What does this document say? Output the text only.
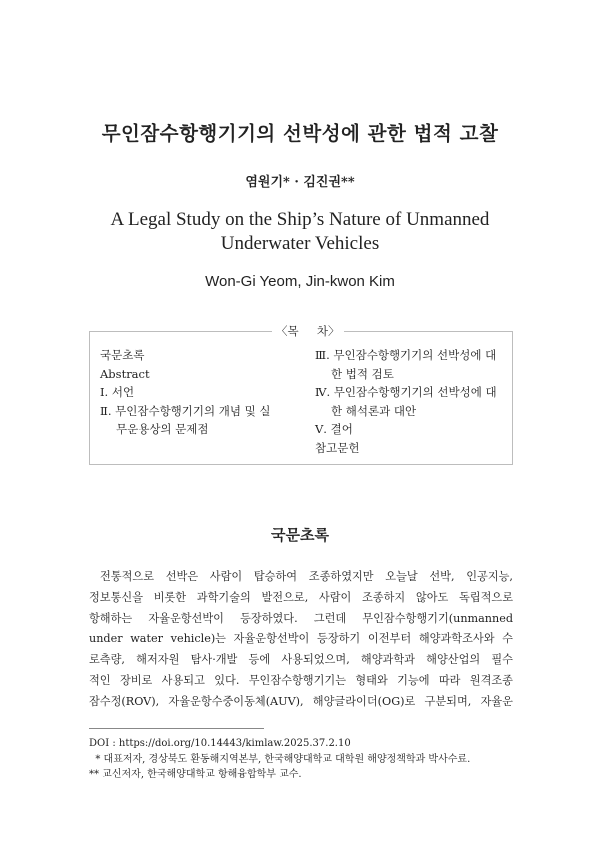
무인잠수항행기기의 선박성에 관한 법적 고찰
염원기* · 김진권**
A Legal Study on the Ship’s Nature of Unmanned
Underwater Vehicles
Won-Gi Yeom, Jin-kwon Kim
〈목     차〉
국문초록
Abstract
Ⅰ. 서언
Ⅱ. 무인잠수항행기기의 개념 및 실
무운용상의 문제점
Ⅲ. 무인잠수항행기기의 선박성에 대
한 법적 검토
Ⅳ. 무인잠수항행기기의 선박성에 대
한 해석론과 대안
Ⅴ. 결어
참고문헌
국문초록
전통적으로 선박은 사람이 탑승하여 조종하였지만 오늘날 선박, 인공지능,
정보통신을 비롯한 과학기술의 발전으로, 사람이 조종하지 않아도 독립적으로
항해하는 자율운항선박이 등장하였다. 그런데 무인잠수항행기기(unmanned
under water vehicle)는 자율운항선박이 등장하기 이전부터 해양과학조사와 수
로측량, 해저자원 탐사·개발 등에 사용되었으며, 해양과학과 해양산업의 필수
적인 장비로 사용되고 있다. 무인잠수항행기기는 형태와 기능에 따라 원격조종
잠수정(ROV), 자율운항수중이동체(AUV), 해양글라이더(OG)로 구분되며, 자율운
DOI : https://doi.org/10.14443/kimlaw.2025.37.2.10
* 대표저자, 경상북도 환동해지역본부, 한국해양대학교 대학원 해양정책학과 박사수료.
** 교신저자, 한국해양대학교 항해융합학부 교수.
